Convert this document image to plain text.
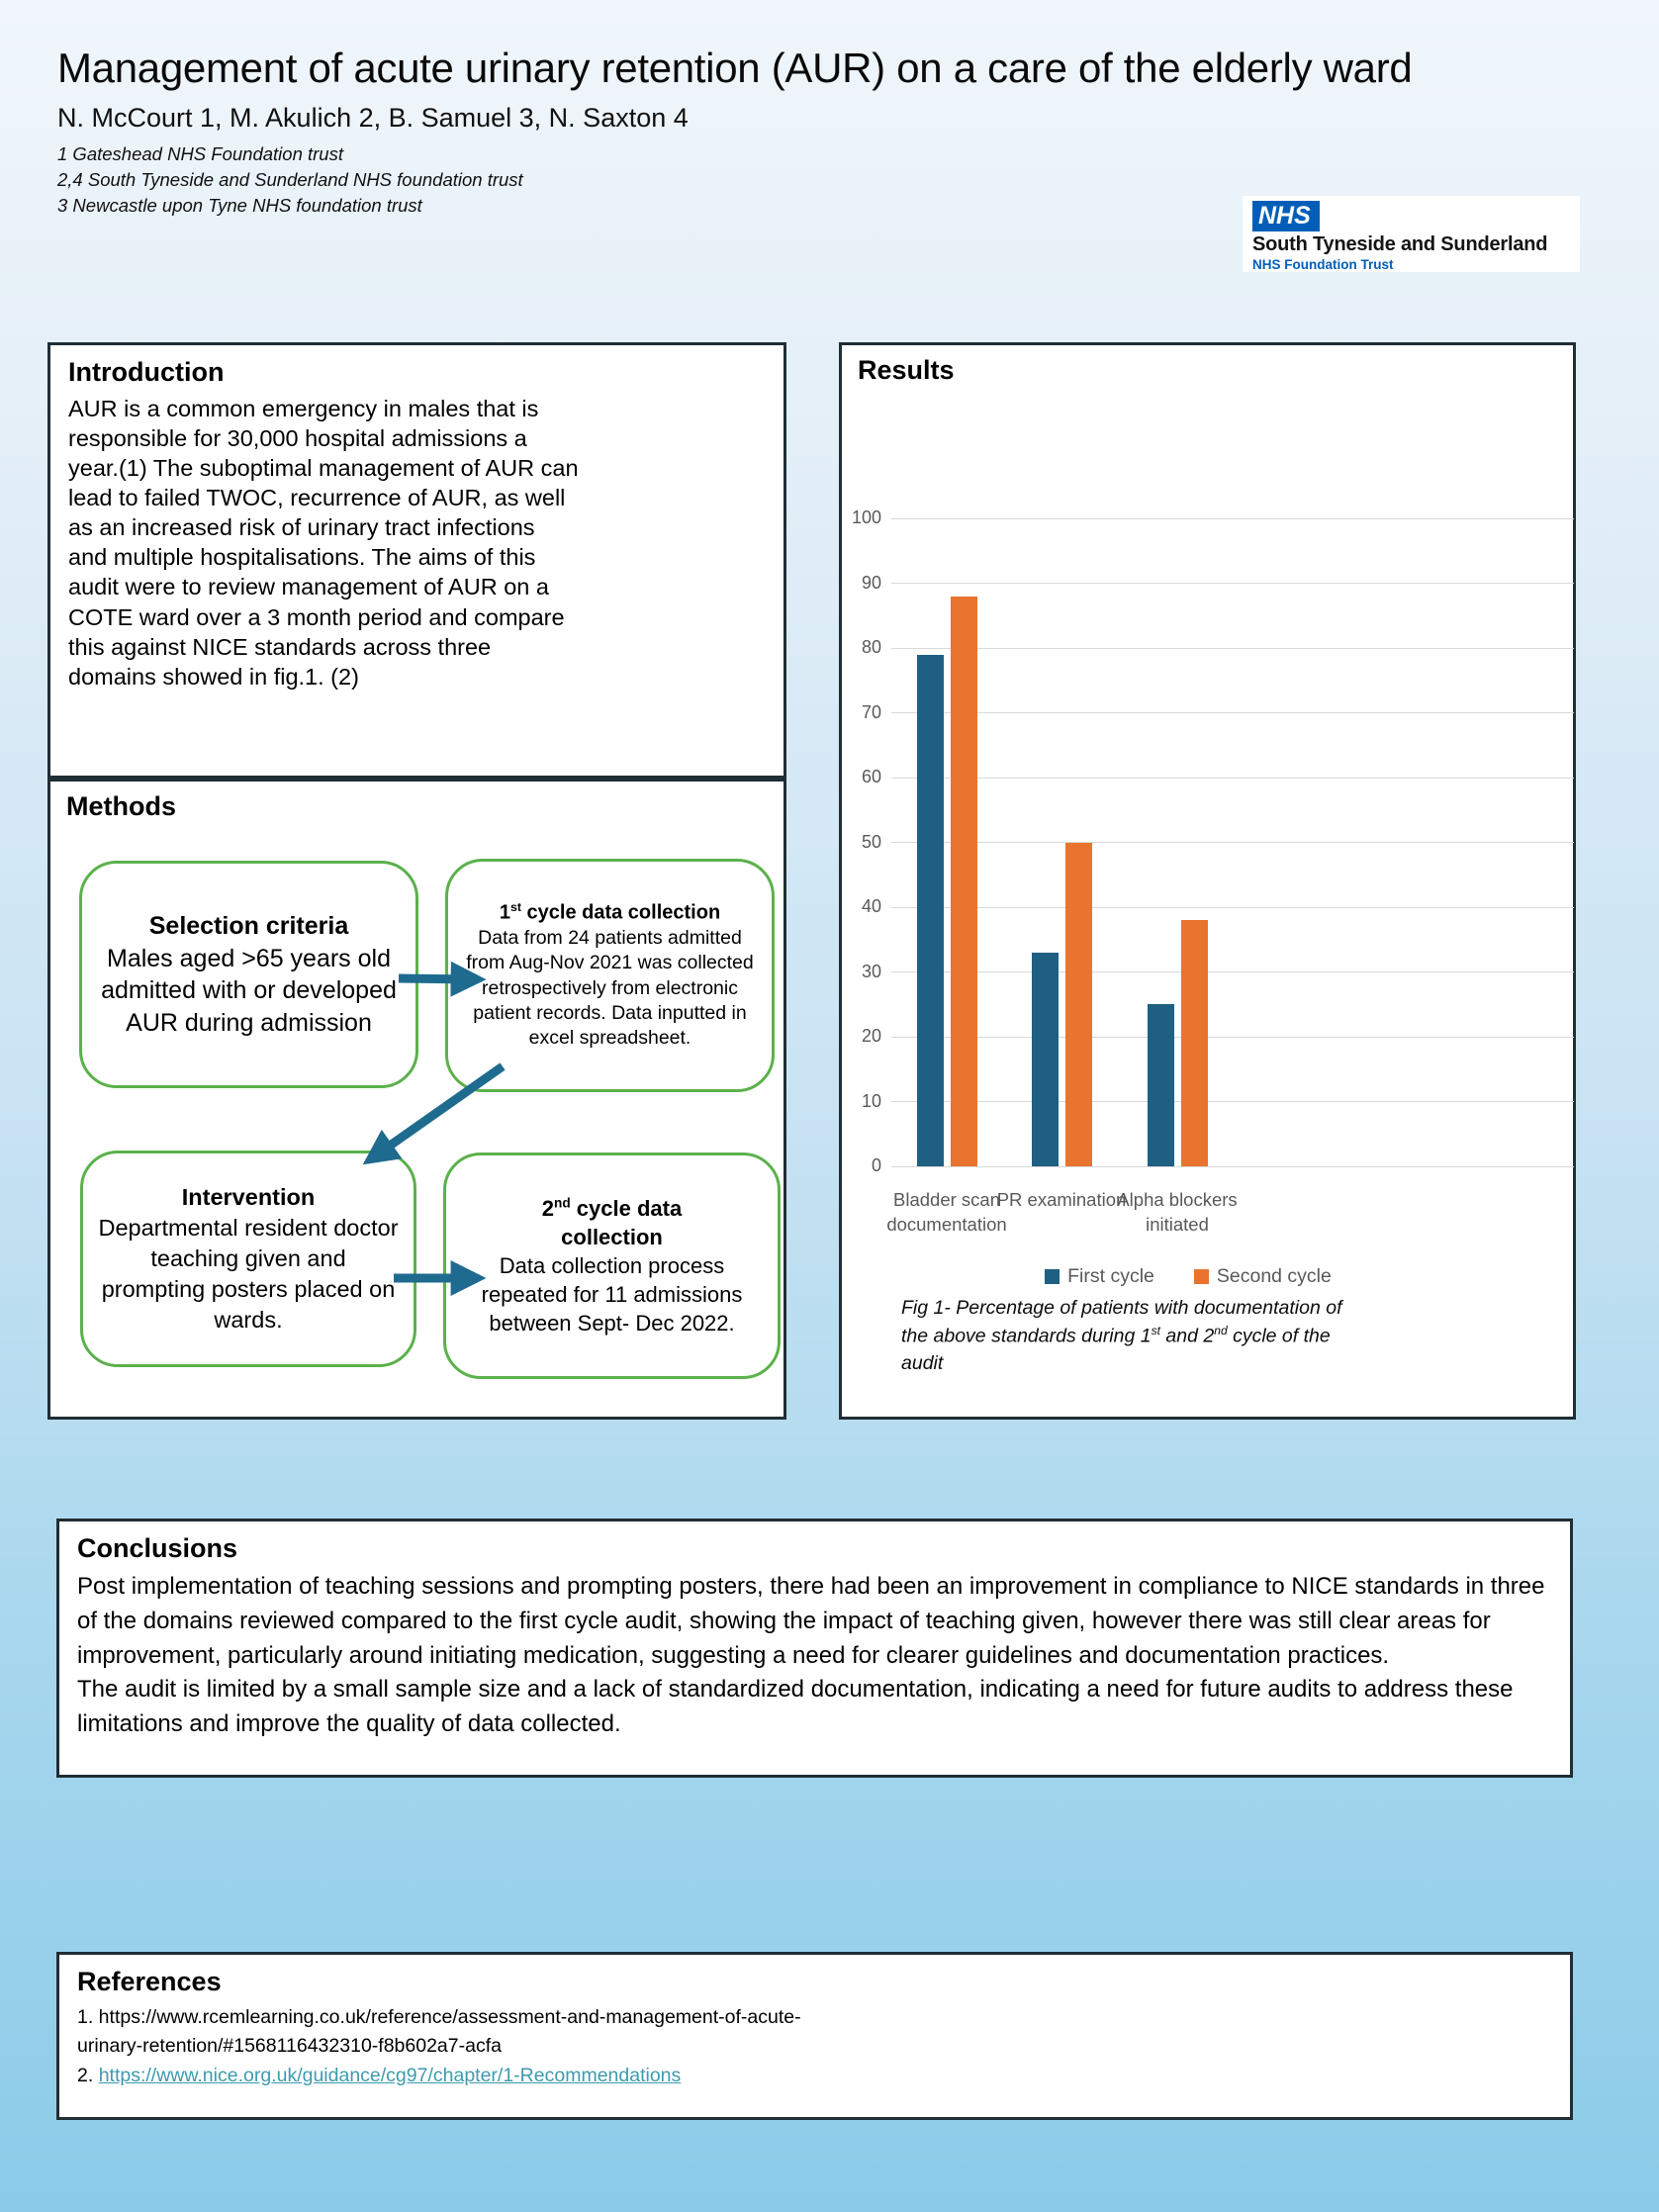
Management of acute urinary retention (AUR) on a care of the elderly ward
N. McCourt 1, M. Akulich 2, B. Samuel 3, N. Saxton 4
1 Gateshead NHS Foundation trust
2,4 South Tyneside and Sunderland NHS foundation trust
3 Newcastle upon Tyne NHS foundation trust	NHS
South Tyneside and Sunderland
NHS Foundation Trust
Introduction
AUR is a common emergency in males that is responsible for 30,000 hospital admissions a year.(1) The suboptimal management of AUR can lead to failed TWOC, recurrence of AUR, as well as an increased risk of urinary tract infections and multiple hospitalisations. The aims of this audit were to review management of AUR on a COTE ward over a 3 month period and compare this against NICE standards across three domains showed in fig.1. (2)
Methods
Selection criteria
Males aged >65 years old admitted with or developed AUR during admission
1st cycle data collection
Data from 24 patients admitted from Aug-Nov 2021 was collected retrospectively from electronic patient records. Data inputted in excel spreadsheet.
Intervention
Departmental resident doctor teaching given and prompting posters placed on wards.
2nd cycle data collection
Data collection process repeated for 11 admissions between Sept- Dec 2022.
Results
0
10
20
30
40
50
60
70
80
90
100
Bladder scan documentation
PR examination
Alpha blockers initiated
First cycle	Second cycle
Fig 1- Percentage of patients with documentation of the above standards during 1st and 2nd cycle of the audit
Conclusions

Post implementation of teaching sessions and prompting posters, there had been an improvement in compliance to NICE standards in three of the domains reviewed compared to the first cycle audit, showing the impact of teaching given, however there was still clear areas for improvement, particularly around initiating medication, suggesting a need for clearer guidelines and documentation practices.

The audit is limited by a small sample size and a lack of standardized documentation, indicating a need for future audits to address these limitations and improve the quality of data collected.

References
1. https://www.rcemlearning.co.uk/reference/assessment-and-management-of-acute-urinary-retention/#1568116432310-f8b602a7-acfa
2. https://www.nice.org.uk/guidance/cg97/chapter/1-Recommendations
